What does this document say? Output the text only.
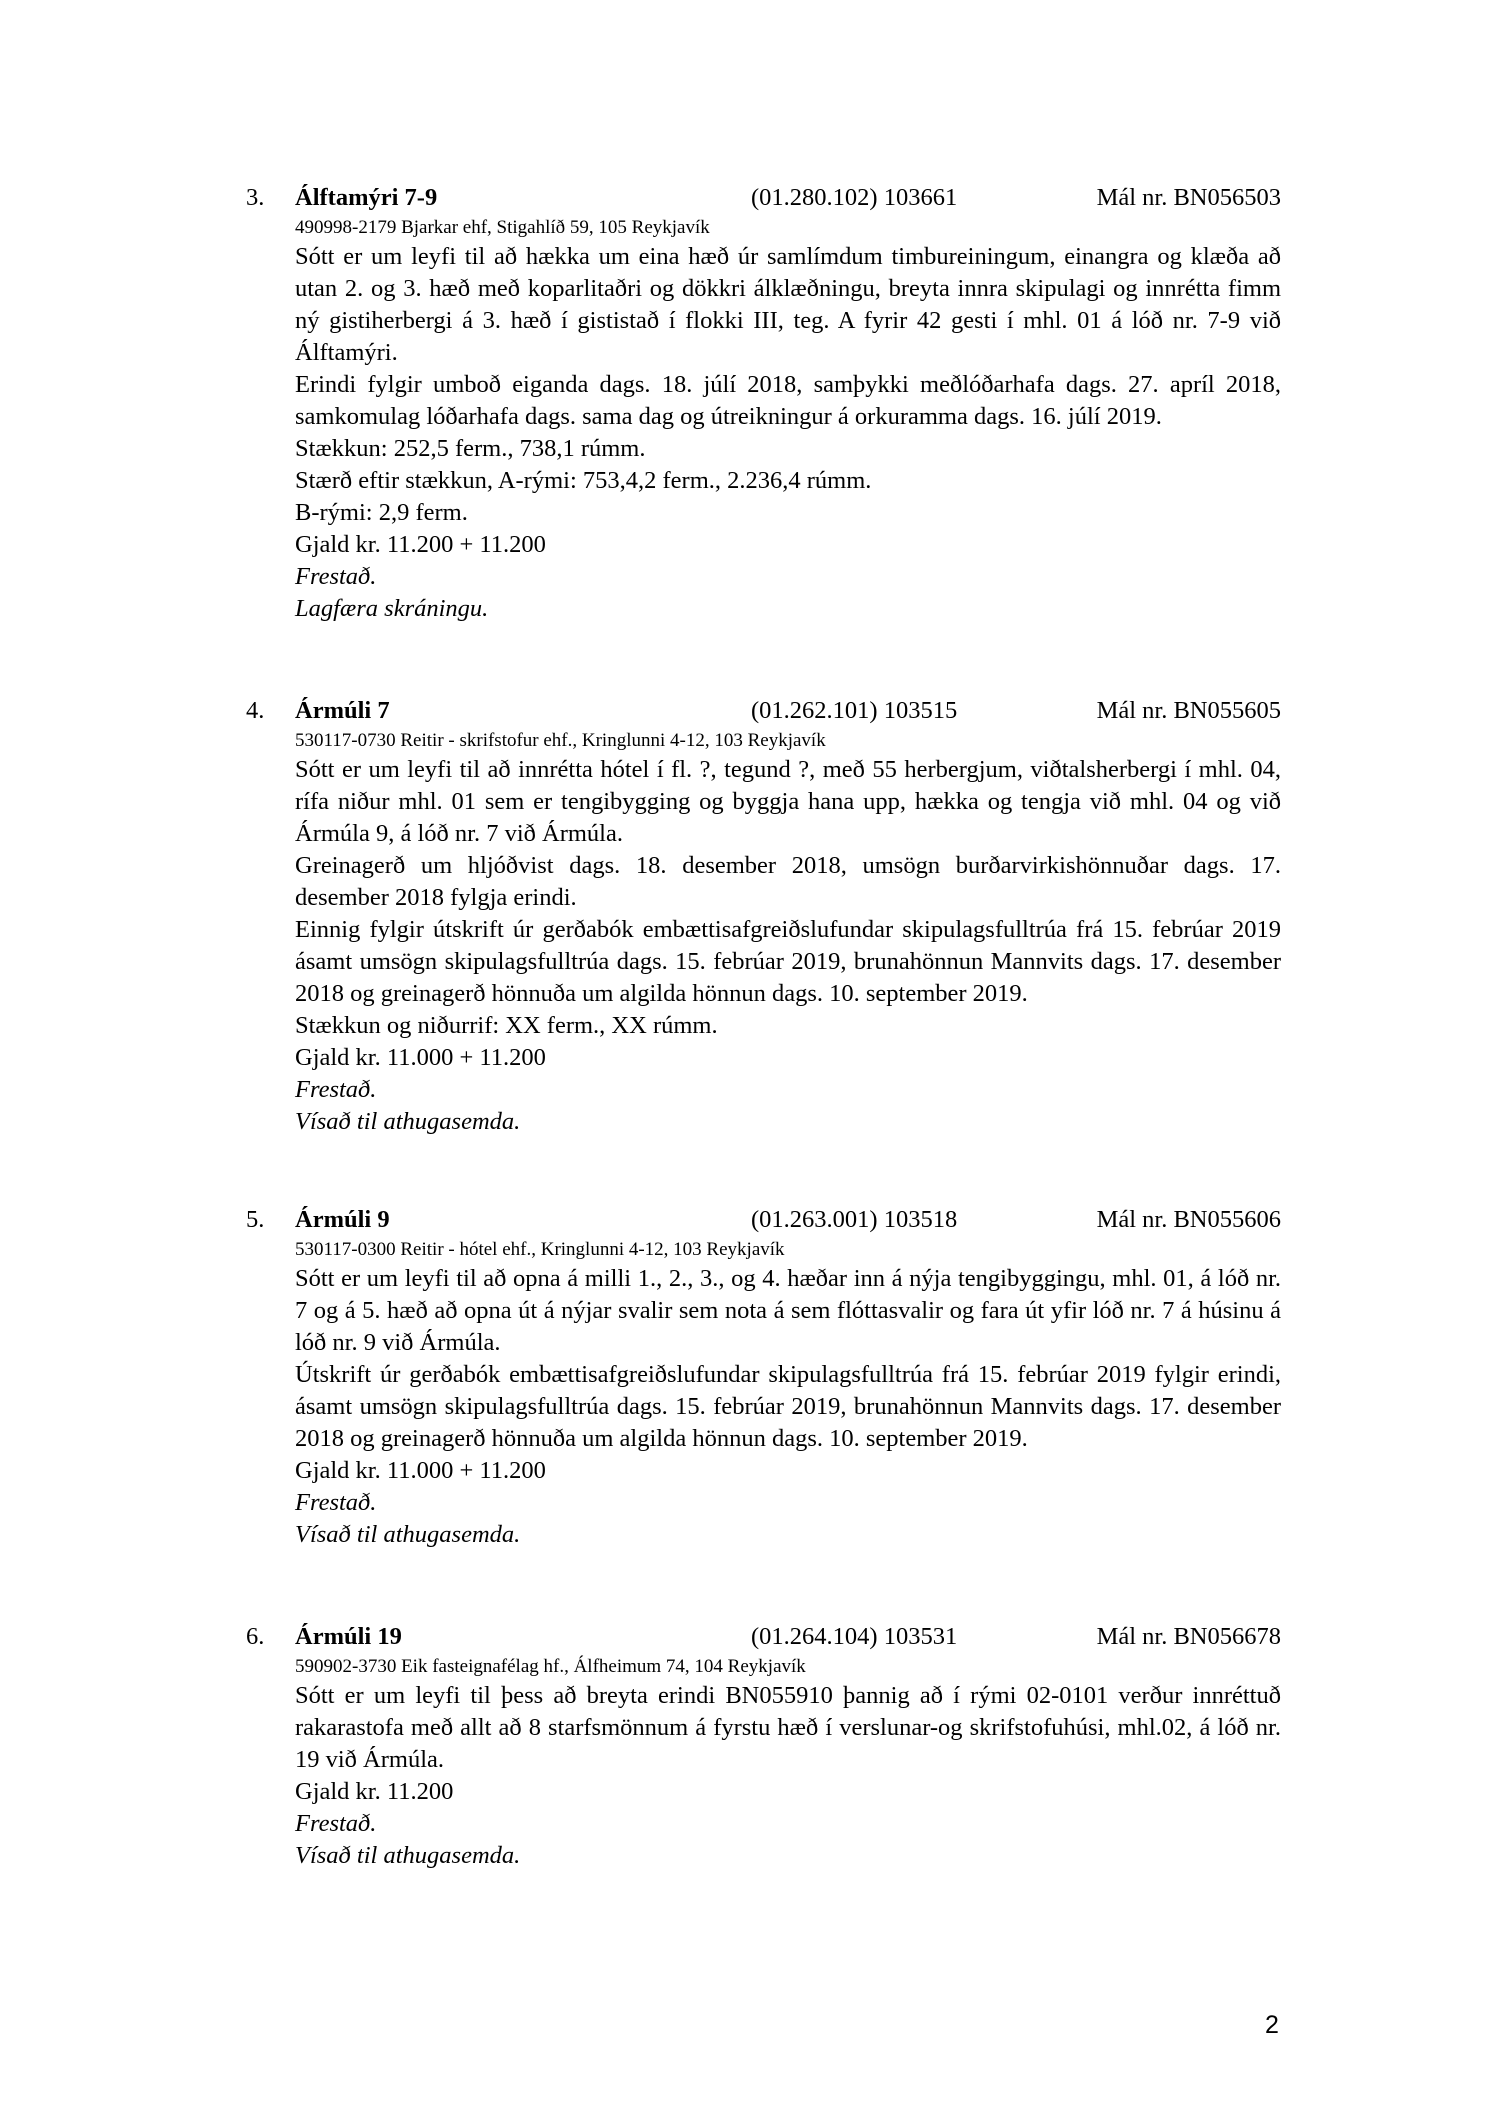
3. Álftamýri 7-9	(01.280.102) 103661	Mál nr. BN056503
490998-2179 Bjarkar ehf, Stigahlíð 59, 105 Reykjavík

Sótt er um leyfi til að hækka um eina hæð úr samlímdum timbureiningum, einangra og klæða að utan 2. og 3. hæð með koparlitaðri og dökkri álklæðningu, breyta innra skipulagi og innrétta fimm ný gistiherbergi á 3. hæð í gististað í flokki III, teg. A fyrir 42 gesti í mhl. 01 á lóð nr. 7-9 við Álftamýri.

Erindi fylgir umboð eiganda dags. 18. júlí 2018, samþykki meðlóðarhafa dags. 27. apríl 2018, samkomulag lóðarhafa dags. sama dag og útreikningur á orkuramma dags. 16. júlí 2019.

Stækkun: 252,5 ferm., 738,1 rúmm.

Stærð eftir stækkun, A-rými: 753,4,2 ferm., 2.236,4 rúmm.

B-rými: 2,9 ferm.

Gjald kr. 11.200 + 11.200

Frestað.

Lagfæra skráningu.

4. Ármúli 7	(01.262.101) 103515	Mál nr. BN055605
530117-0730 Reitir - skrifstofur ehf., Kringlunni 4-12, 103 Reykjavík

Sótt er um leyfi til að innrétta hótel í fl. ?, tegund ?, með 55 herbergjum, viðtalsherbergi í mhl. 04, rífa niður mhl. 01 sem er tengibygging og byggja hana upp, hækka og tengja við mhl. 04 og við Ármúla 9, á lóð nr. 7 við Ármúla.

Greinagerð um hljóðvist dags. 18. desember 2018, umsögn burðarvirkishönnuðar dags. 17. desember 2018 fylgja erindi.

Einnig fylgir útskrift úr gerðabók embættisafgreiðslufundar skipulagsfulltrúa frá 15. febrúar 2019 ásamt umsögn skipulagsfulltrúa dags. 15. febrúar 2019, brunahönnun Mannvits dags. 17. desember 2018 og greinagerð hönnuða um algilda hönnun dags. 10. september 2019.

Stækkun og niðurrif: XX ferm., XX rúmm.

Gjald kr. 11.000 + 11.200

Frestað.

Vísað til athugasemda.

5. Ármúli 9	(01.263.001) 103518	Mál nr. BN055606
530117-0300 Reitir - hótel ehf., Kringlunni 4-12, 103 Reykjavík

Sótt er um leyfi til að opna á milli 1., 2., 3., og 4. hæðar inn á nýja tengibyggingu, mhl. 01, á lóð nr. 7 og á 5. hæð að opna út á nýjar svalir sem nota á sem flóttasvalir og fara út yfir lóð nr. 7 á húsinu á lóð nr. 9 við Ármúla.

Útskrift úr gerðabók embættisafgreiðslufundar skipulagsfulltrúa frá 15. febrúar 2019 fylgir erindi, ásamt umsögn skipulagsfulltrúa dags. 15. febrúar 2019, brunahönnun Mannvits dags. 17. desember 2018 og greinagerð hönnuða um algilda hönnun dags. 10. september 2019.

Gjald kr. 11.000 + 11.200

Frestað.

Vísað til athugasemda.

6. Ármúli 19	(01.264.104) 103531	Mál nr. BN056678
590902-3730 Eik fasteignafélag hf., Álfheimum 74, 104 Reykjavík

Sótt er um leyfi til þess að breyta erindi BN055910 þannig að í rými 02-0101 verður innréttuð rakarastofa með allt að 8 starfsmönnum á fyrstu hæð í verslunar-og skrifstofuhúsi, mhl.02, á lóð nr. 19 við Ármúla.

Gjald kr. 11.200

Frestað.

Vísað til athugasemda.

2
